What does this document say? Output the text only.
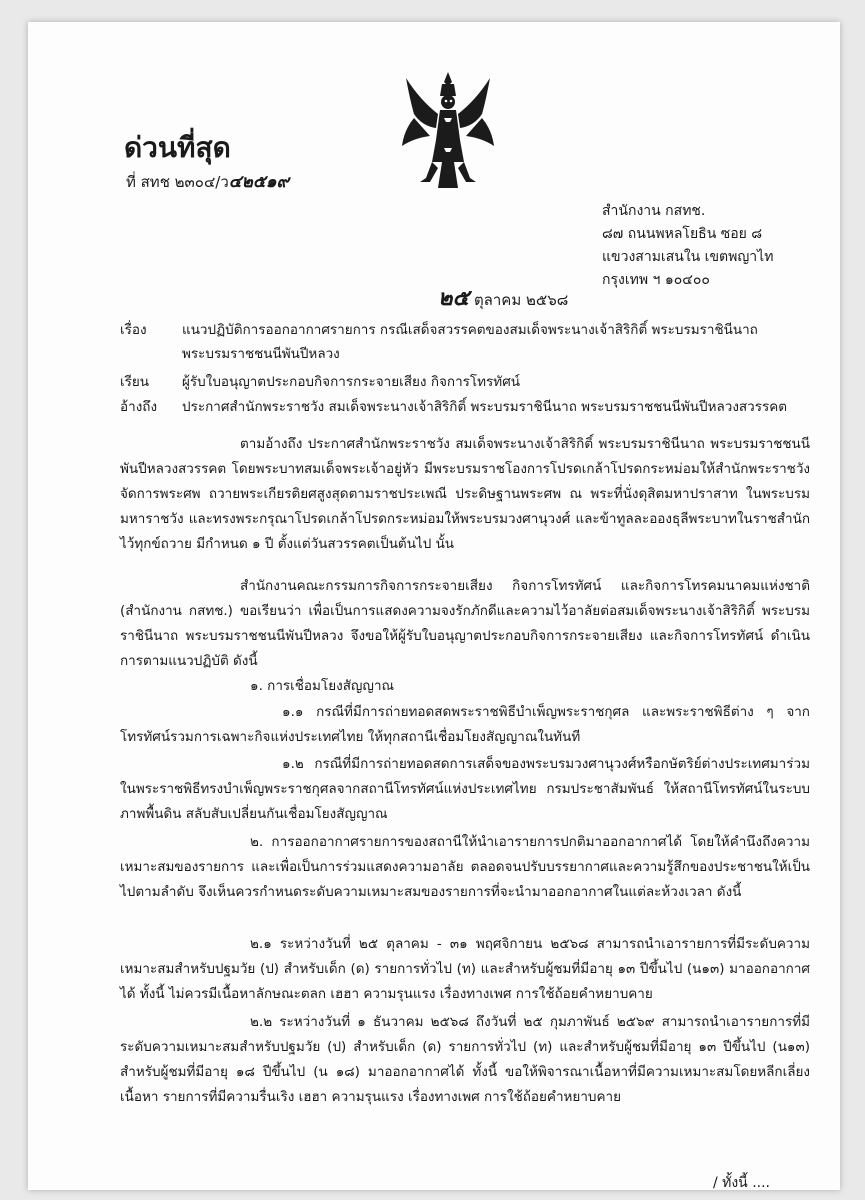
ด่วนที่สุด
ที่ สทช ๒๓๐๔/ว๔๒๕๑๙
สำนักงาน กสทช.
๘๗ ถนนพหลโยธิน ซอย ๘
แขวงสามเสนใน เขตพญาไท
กรุงเทพ ฯ ๑๐๔๐๐
๒๕ ตุลาคม ๒๕๖๘
เรื่อง	แนวปฏิบัติการออกอากาศรายการ กรณีเสด็จสวรรคตของสมเด็จพระนางเจ้าสิริกิติ์ พระบรมราชินีนาถ พระบรมราชชนนีพันปีหลวง
เรียน	ผู้รับใบอนุญาตประกอบกิจการกระจายเสียง กิจการโทรทัศน์
อ้างถึง	ประกาศสำนักพระราชวัง สมเด็จพระนางเจ้าสิริกิติ์ พระบรมราชินีนาถ พระบรมราชชนนีพันปีหลวงสวรรคต
ตามอ้างถึง ประกาศสำนักพระราชวัง สมเด็จพระนางเจ้าสิริกิติ์ พระบรมราชินีนาถ พระบรมราชชนนีพันปีหลวงสวรรคต โดยพระบาทสมเด็จพระเจ้าอยู่หัว มีพระบรมราชโองการโปรดเกล้าโปรดกระหม่อมให้สำนักพระราชวัง จัดการพระศพ ถวายพระเกียรติยศสูงสุดตามราชประเพณี ประดิษฐานพระศพ ณ พระที่นั่งดุสิตมหาปราสาท ในพระบรมมหาราชวัง และทรงพระกรุณาโปรดเกล้าโปรดกระหม่อมให้พระบรมวงศานุวงศ์ และข้าทูลละอองธุลีพระบาทในราชสำนักไว้ทุกข์ถวาย มีกำหนด ๑ ปี ตั้งแต่วันสวรรคตเป็นต้นไป นั้น
สำนักงานคณะกรรมการกิจการกระจายเสียง กิจการโทรทัศน์ และกิจการโทรคมนาคมแห่งชาติ (สำนักงาน กสทช.) ขอเรียนว่า เพื่อเป็นการแสดงความจงรักภักดีและความไว้อาลัยต่อสมเด็จพระนางเจ้าสิริกิติ์ พระบรมราชินีนาถ พระบรมราชชนนีพันปีหลวง จึงขอให้ผู้รับใบอนุญาตประกอบกิจการกระจายเสียง และกิจการโทรทัศน์ ดำเนินการตามแนวปฏิบัติ ดังนี้
๑. การเชื่อมโยงสัญญาณ
๑.๑ กรณีที่มีการถ่ายทอดสดพระราชพิธีบำเพ็ญพระราชกุศล และพระราชพิธีต่าง ๆ จากโทรทัศน์รวมการเฉพาะกิจแห่งประเทศไทย ให้ทุกสถานีเชื่อมโยงสัญญาณในทันที
๑.๒ กรณีที่มีการถ่ายทอดสดการเสด็จของพระบรมวงศานุวงศ์หรือกษัตริย์ต่างประเทศมาร่วมในพระราชพิธีทรงบำเพ็ญพระราชกุศลจากสถานีโทรทัศน์แห่งประเทศไทย กรมประชาสัมพันธ์ ให้สถานีโทรทัศน์ในระบบภาพพื้นดิน สลับสับเปลี่ยนกันเชื่อมโยงสัญญาณ
๒. การออกอากาศรายการของสถานีให้นำเอารายการปกติมาออกอากาศได้ โดยให้คำนึงถึงความเหมาะสมของรายการ และเพื่อเป็นการร่วมแสดงความอาลัย ตลอดจนปรับบรรยากาศและความรู้สึกของประชาชนให้เป็นไปตามลำดับ จึงเห็นควรกำหนดระดับความเหมาะสมของรายการที่จะนำมาออกอากาศในแต่ละห้วงเวลา ดังนี้
๒.๑ ระหว่างวันที่ ๒๕ ตุลาคม - ๓๑ พฤศจิกายน ๒๕๖๘ สามารถนำเอารายการที่มีระดับความเหมาะสมสำหรับปฐมวัย (ป) สำหรับเด็ก (ด) รายการทั่วไป (ท) และสำหรับผู้ชมที่มีอายุ ๑๓ ปีขึ้นไป (น๑๓) มาออกอากาศได้ ทั้งนี้ ไม่ควรมีเนื้อหาลักษณะตลก เฮฮา ความรุนแรง เรื่องทางเพศ การใช้ถ้อยคำหยาบคาย
๒.๒ ระหว่างวันที่ ๑ ธันวาคม ๒๕๖๘ ถึงวันที่ ๒๕ กุมภาพันธ์ ๒๕๖๙ สามารถนำเอารายการที่มีระดับความเหมาะสมสำหรับปฐมวัย (ป) สำหรับเด็ก (ด) รายการทั่วไป (ท) และสำหรับผู้ชมที่มีอายุ ๑๓ ปีขึ้นไป (น๑๓) สำหรับผู้ชมที่มีอายุ ๑๘ ปีขึ้นไป (น ๑๘) มาออกอากาศได้ ทั้งนี้ ขอให้พิจารณาเนื้อหาที่มีความเหมาะสมโดยหลีกเลี่ยงเนื้อหา รายการที่มีความรื่นเริง เฮฮา ความรุนแรง เรื่องทางเพศ การใช้ถ้อยคำหยาบคาย
/ ทั้งนี้ ....
